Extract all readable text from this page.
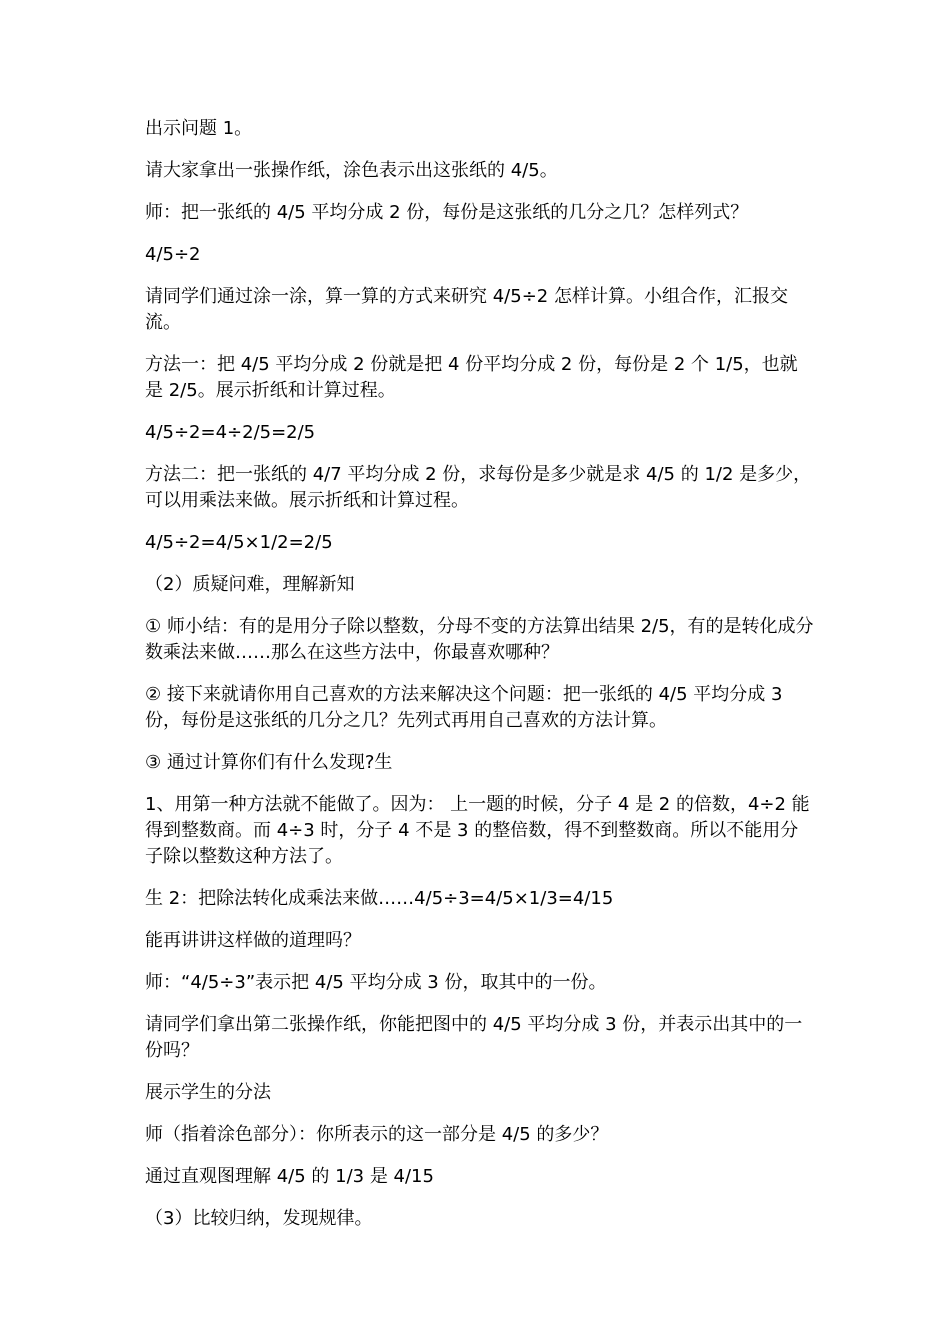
出示问题 1。

请大家拿出一张操作纸，涂色表示出这张纸的 4/5。

师：把一张纸的 4/5 平均分成 2 份，每份是这张纸的几分之几？怎样列式？

4/5÷2

请同学们通过涂一涂，算一算的方式来研究 4/5÷2 怎样计算。小组合作，汇报交流。

方法一：把 4/5 平均分成 2 份就是把 4 份平均分成 2 份，每份是 2 个 1/5，也就是 2/5。展示折纸和计算过程。

4/5÷2=4÷2/5=2/5

方法二：把一张纸的 4/7 平均分成 2 份，求每份是多少就是求 4/5 的 1/2 是多少，可以用乘法来做。展示折纸和计算过程。

4/5÷2=4/5×1/2=2/5

（2）质疑问难，理解新知

① 师小结：有的是用分子除以整数，分母不变的方法算出结果 2/5，有的是转化成分数乘法来做……那么在这些方法中，你最喜欢哪种？

② 接下来就请你用自己喜欢的方法来解决这个问题：把一张纸的 4/5 平均分成 3 份，每份是这张纸的几分之几？先列式再用自己喜欢的方法计算。

③ 通过计算你们有什么发现?生

1、用第一种方法就不能做了。因为： 上一题的时候，分子 4 是 2 的倍数，4÷2 能得到整数商。而 4÷3 时，分子 4 不是 3 的整倍数，得不到整数商。所以不能用分子除以整数这种方法了。

生 2：把除法转化成乘法来做……4/5÷3=4/5×1/3=4/15

能再讲讲这样做的道理吗？

师：“4/5÷3”表示把 4/5 平均分成 3 份，取其中的一份。

请同学们拿出第二张操作纸，你能把图中的 4/5 平均分成 3 份，并表示出其中的一份吗？

展示学生的分法

师（指着涂色部分）：你所表示的这一部分是 4/5 的多少？

通过直观图理解 4/5 的 1/3 是 4/15

（3）比较归纳，发现规律。
